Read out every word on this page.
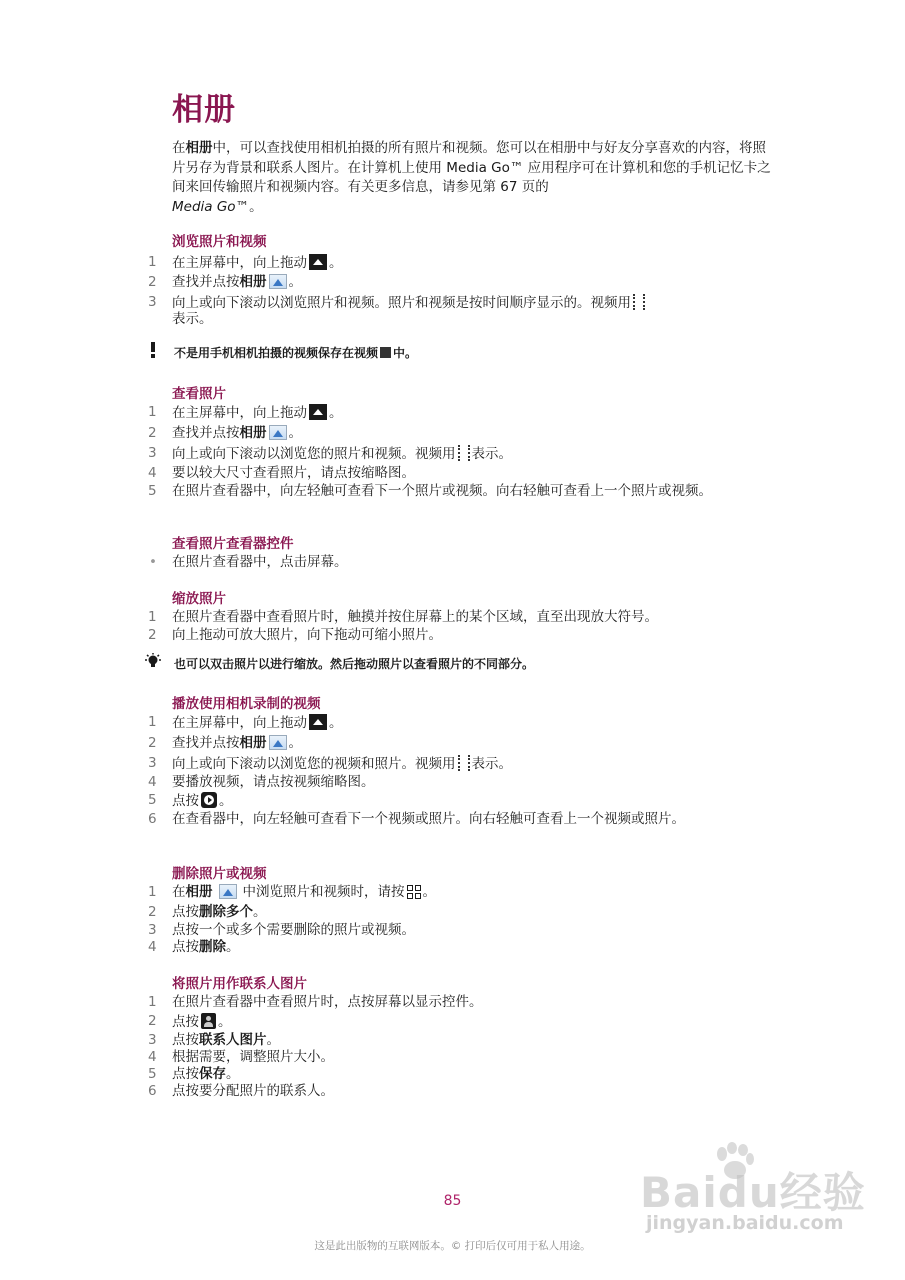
相册
在相册中，可以查找使用相机拍摄的所有照片和视频。您可以在相册中与好友分享喜欢的内容，将照片另存为背景和联系人图片。在计算机上使用 Media Go™ 应用程序可在计算机和您的手机记忆卡之间来回传输照片和视频内容。有关更多信息，请参见第 67 页的
Media Go™。
浏览照片和视频
1	在主屏幕中，向上拖动 。
2	查找并点按相册 。
3	向上或向下滚动以浏览照片和视频。照片和视频是按时间顺序显示的。视频用
表示。
不是用手机相机拍摄的视频保存在视频 中。
查看照片
1	在主屏幕中，向上拖动 。
2	查找并点按相册 。
3	向上或向下滚动以浏览您的照片和视频。视频用 表示。
4	要以较大尺寸查看照片，请点按缩略图。
5	在照片查看器中，向左轻触可查看下一个照片或视频。向右轻触可查看上一个照片或视频。
查看照片查看器控件
• 在照片查看器中，点击屏幕。
缩放照片
1	在照片查看器中查看照片时，触摸并按住屏幕上的某个区域，直至出现放大符号。
2	向上拖动可放大照片，向下拖动可缩小照片。
也可以双击照片以进行缩放。然后拖动照片以查看照片的不同部分。
播放使用相机录制的视频
1	在主屏幕中，向上拖动 。
2	查找并点按相册 。
3	向上或向下滚动以浏览您的视频和照片。视频用 表示。
4	要播放视频，请点按视频缩略图。
5	点按 。
6	在查看器中，向左轻触可查看下一个视频或照片。向右轻触可查看上一个视频或照片。
删除照片或视频
1	在相册 中浏览照片和视频时，请按 。
2	点按删除多个。
3	点按一个或多个需要删除的照片或视频。
4	点按删除。
将照片用作联系人图片
1	在照片查看器中查看照片时，点按屏幕以显示控件。
2	点按 。
3	点按联系人图片。
4	根据需要，调整照片大小。
5	点按保存。
6	点按要分配照片的联系人。
Baidu经验
jingyan.baidu.com
85
这是此出版物的互联网版本。© 打印后仅可用于私人用途。
